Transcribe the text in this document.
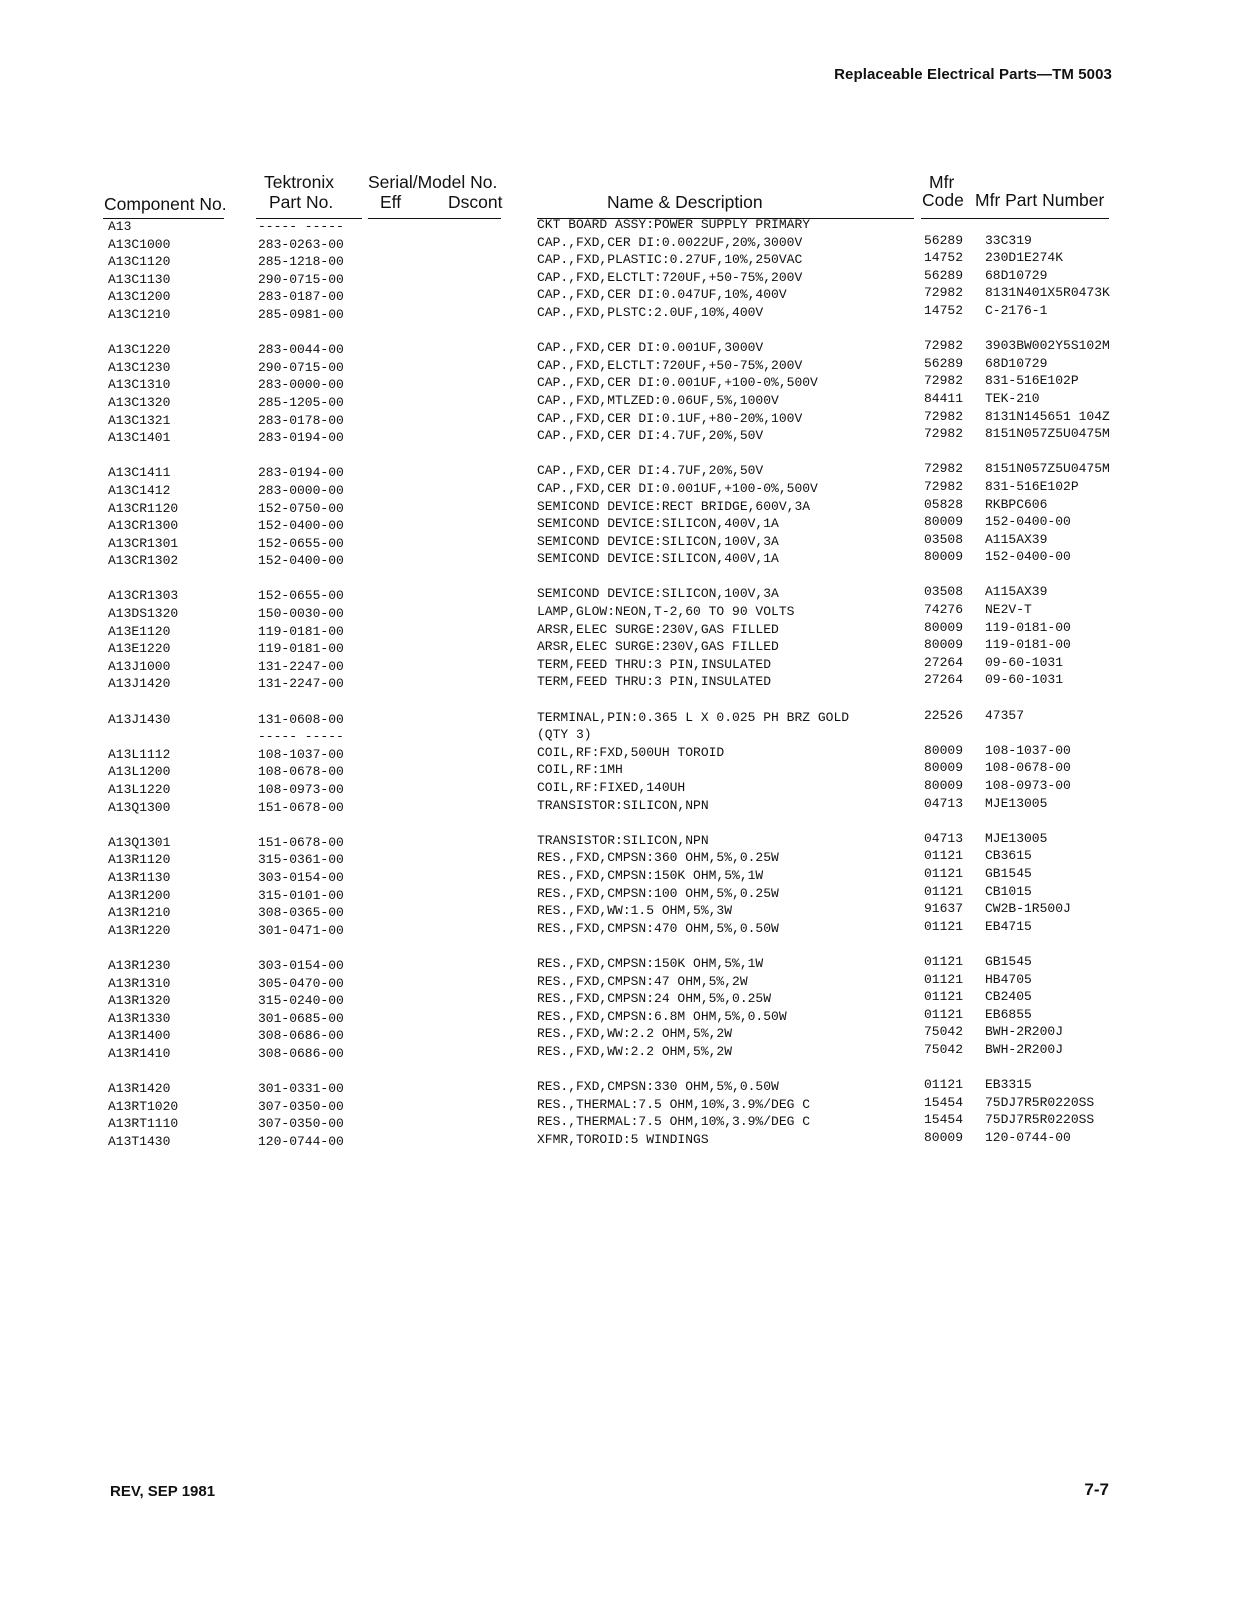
Replaceable Electrical Parts—TM 5003
Component No.
Tektronix
Part No.
Serial/Model No.
Eff	Dscont	Name & Description
Mfr
Code Mfr Part Number
A13	----- -----	CKT BOARD ASSY:POWER SUPPLY PRIMARY
A13C1000	283-0263-00	CAP.,FXD,CER DI:0.0022UF,20%,3000V	56289 33C319
A13C1120	285-1218-00	CAP.,FXD,PLASTIC:0.27UF,10%,250VAC	14752 230D1E274K
A13C1130	290-0715-00	CAP.,FXD,ELCTLT:720UF,+50-75%,200V	56289 68D10729
A13C1200	283-0187-00	CAP.,FXD,CER DI:0.047UF,10%,400V	72982 8131N401X5R0473K
A13C1210	285-0981-00	CAP.,FXD,PLSTC:2.0UF,10%,400V	14752 C-2176-1
A13C1220	283-0044-00	CAP.,FXD,CER DI:0.001UF,3000V	72982 3903BW002Y5S102M
A13C1230	290-0715-00	CAP.,FXD,ELCTLT:720UF,+50-75%,200V	56289 68D10729
A13C1310	283-0000-00	CAP.,FXD,CER DI:0.001UF,+100-0%,500V	72982 831-516E102P
A13C1320	285-1205-00	CAP.,FXD,MTLZED:0.06UF,5%,1000V	84411 TEK-210
A13C1321	283-0178-00	CAP.,FXD,CER DI:0.1UF,+80-20%,100V	72982 8131N145651 104Z
A13C1401	283-0194-00	CAP.,FXD,CER DI:4.7UF,20%,50V	72982 8151N057Z5U0475M
A13C1411	283-0194-00	CAP.,FXD,CER DI:4.7UF,20%,50V	72982 8151N057Z5U0475M
A13C1412	283-0000-00	CAP.,FXD,CER DI:0.001UF,+100-0%,500V	72982 831-516E102P
A13CR1120	152-0750-00	SEMICOND DEVICE:RECT BRIDGE,600V,3A	05828 RKBPC606
A13CR1300	152-0400-00	SEMICOND DEVICE:SILICON,400V,1A	80009 152-0400-00
A13CR1301	152-0655-00	SEMICOND DEVICE:SILICON,100V,3A	03508 A115AX39
A13CR1302	152-0400-00	SEMICOND DEVICE:SILICON,400V,1A	80009 152-0400-00
A13CR1303	152-0655-00	SEMICOND DEVICE:SILICON,100V,3A	03508 A115AX39
A13DS1320	150-0030-00	LAMP,GLOW:NEON,T-2,60 TO 90 VOLTS	74276 NE2V-T
A13E1120	119-0181-00	ARSR,ELEC SURGE:230V,GAS FILLED	80009 119-0181-00
A13E1220	119-0181-00	ARSR,ELEC SURGE:230V,GAS FILLED	80009 119-0181-00
A13J1000	131-2247-00	TERM,FEED THRU:3 PIN,INSULATED	27264 09-60-1031
A13J1420	131-2247-00	TERM,FEED THRU:3 PIN,INSULATED	27264 09-60-1031
A13J1430	131-0608-00	TERMINAL,PIN:0.365 L X 0.025 PH BRZ GOLD	22526 47357
----- -----	(QTY 3)
A13L1112	108-1037-00	COIL,RF:FXD,500UH TOROID	80009 108-1037-00
A13L1200	108-0678-00	COIL,RF:1MH	80009 108-0678-00
A13L1220	108-0973-00	COIL,RF:FIXED,140UH	80009 108-0973-00
A13Q1300	151-0678-00	TRANSISTOR:SILICON,NPN	04713 MJE13005
A13Q1301	151-0678-00	TRANSISTOR:SILICON,NPN	04713 MJE13005
A13R1120	315-0361-00	RES.,FXD,CMPSN:360 OHM,5%,0.25W	01121 CB3615
A13R1130	303-0154-00	RES.,FXD,CMPSN:150K OHM,5%,1W	01121 GB1545
A13R1200	315-0101-00	RES.,FXD,CMPSN:100 OHM,5%,0.25W	01121 CB1015
A13R1210	308-0365-00	RES.,FXD,WW:1.5 OHM,5%,3W	91637 CW2B-1R500J
A13R1220	301-0471-00	RES.,FXD,CMPSN:470 OHM,5%,0.50W	01121 EB4715
A13R1230	303-0154-00	RES.,FXD,CMPSN:150K OHM,5%,1W	01121 GB1545
A13R1310	305-0470-00	RES.,FXD,CMPSN:47 OHM,5%,2W	01121 HB4705
A13R1320	315-0240-00	RES.,FXD,CMPSN:24 OHM,5%,0.25W	01121 CB2405
A13R1330	301-0685-00	RES.,FXD,CMPSN:6.8M OHM,5%,0.50W	01121 EB6855
A13R1400	308-0686-00	RES.,FXD,WW:2.2 OHM,5%,2W	75042 BWH-2R200J
A13R1410	308-0686-00	RES.,FXD,WW:2.2 OHM,5%,2W	75042 BWH-2R200J
A13R1420	301-0331-00	RES.,FXD,CMPSN:330 OHM,5%,0.50W	01121 EB3315
A13RT1020	307-0350-00	RES.,THERMAL:7.5 OHM,10%,3.9%/DEG C	15454 75DJ7R5R0220SS
A13RT1110	307-0350-00	RES.,THERMAL:7.5 OHM,10%,3.9%/DEG C	15454 75DJ7R5R0220SS
A13T1430	120-0744-00	XFMR,TOROID:5 WINDINGS	80009 120-0744-00
REV, SEP 1981	7-7
